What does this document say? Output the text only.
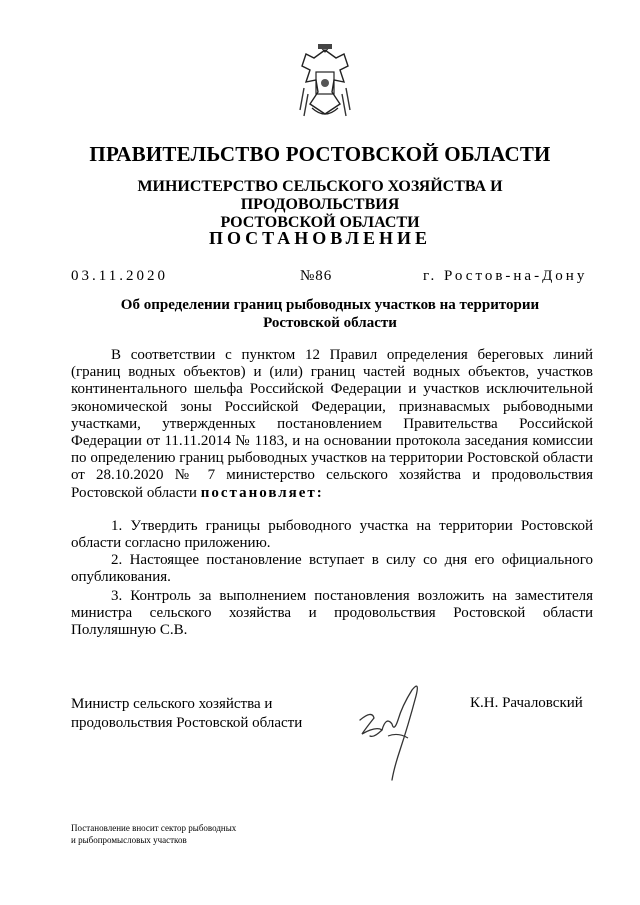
ПРАВИТЕЛЬСТВО РОСТОВСКОЙ ОБЛАСТИ
МИНИСТЕРСТВО СЕЛЬСКОГО ХОЗЯЙСТВА И ПРОДОВОЛЬСТВИЯ
РОСТОВСКОЙ ОБЛАСТИ
ПОСТАНОВЛЕНИЕ
03.11.2020	№86	г. Ростов-на-Дону
Об определении границ рыбоводных участков на территории
Ростовской области

В соответствии с пунктом 12 Правил определения береговых линий (границ водных объектов) и (или) границ частей водных объектов, участков континентального шельфа Российской Федерации и участков исключительной экономической зоны Российской Федерации, признавасмых рыбоводными участками, утвержденных постановлением Правительства Российской Федерации от 11.11.2014 № 1183, и на основании протокола заседания комиссии по определению границ рыбоводных участков на территории Ростовской области от 28.10.2020 № 7 министерство сельского хозяйства и продовольствия Ростовской области постановляет:

1. Утвердить границы рыбоводного участка на территории Ростовской области согласно приложению.

2. Настоящее постановление вступает в силу со дня его официального опубликования.

3. Контроль за выполнением постановления возложить на заместителя министра сельского хозяйства и продовольствия Ростовской области Полуляшную С.В.

Министр сельского хозяйства и
продовольствия Ростовской области
К.Н. Рачаловский
Постановление вносит сектор рыбоводных
и рыбопромысловых участков
